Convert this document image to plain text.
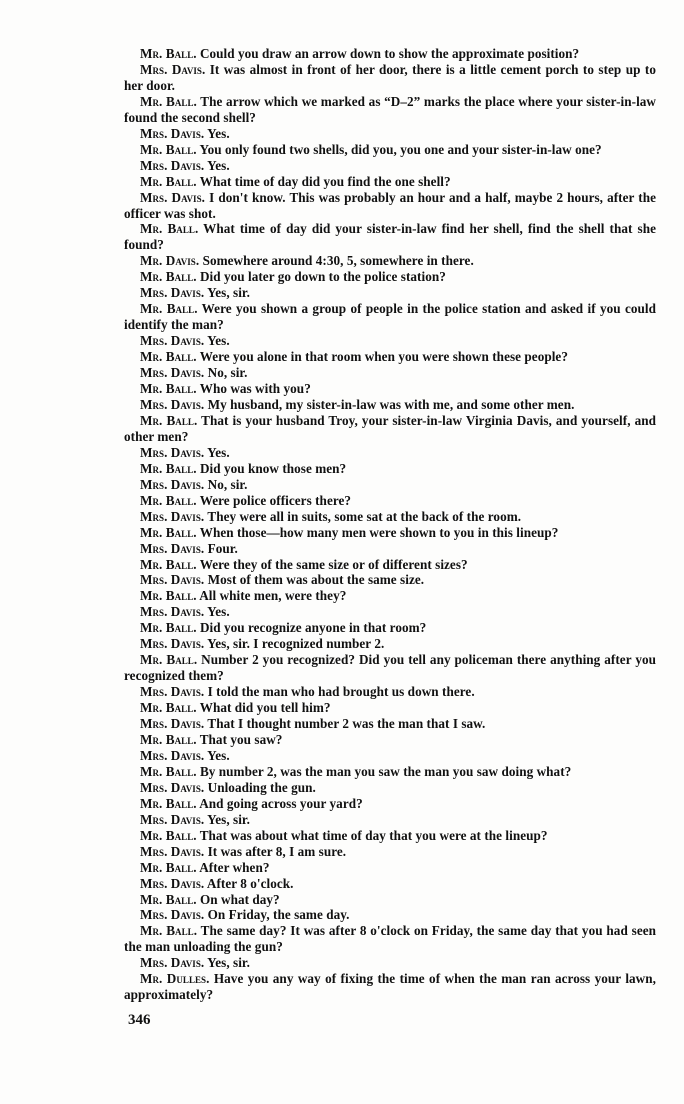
Mr. Ball. Could you draw an arrow down to show the approximate position?

Mrs. Davis. It was almost in front of her door, there is a little cement porch to step up to her door.

Mr. Ball. The arrow which we marked as “D–2” marks the place where your sister-in-law found the second shell?

Mrs. Davis. Yes.

Mr. Ball. You only found two shells, did you, you one and your sister-in-law one?

Mrs. Davis. Yes.

Mr. Ball. What time of day did you find the one shell?

Mrs. Davis. I don't know. This was probably an hour and a half, maybe 2 hours, after the officer was shot.

Mr. Ball. What time of day did your sister-in-law find her shell, find the shell that she found?

Mr. Davis. Somewhere around 4:30, 5, somewhere in there.

Mr. Ball. Did you later go down to the police station?

Mrs. Davis. Yes, sir.

Mr. Ball. Were you shown a group of people in the police station and asked if you could identify the man?

Mrs. Davis. Yes.

Mr. Ball. Were you alone in that room when you were shown these people?

Mrs. Davis. No, sir.

Mr. Ball. Who was with you?

Mrs. Davis. My husband, my sister-in-law was with me, and some other men.

Mr. Ball. That is your husband Troy, your sister-in-law Virginia Davis, and yourself, and other men?

Mrs. Davis. Yes.

Mr. Ball. Did you know those men?

Mrs. Davis. No, sir.

Mr. Ball. Were police officers there?

Mrs. Davis. They were all in suits, some sat at the back of the room.

Mr. Ball. When those—how many men were shown to you in this lineup?

Mrs. Davis. Four.

Mr. Ball. Were they of the same size or of different sizes?

Mrs. Davis. Most of them was about the same size.

Mr. Ball. All white men, were they?

Mrs. Davis. Yes.

Mr. Ball. Did you recognize anyone in that room?

Mrs. Davis. Yes, sir. I recognized number 2.

Mr. Ball. Number 2 you recognized? Did you tell any policeman there anything after you recognized them?

Mrs. Davis. I told the man who had brought us down there.

Mr. Ball. What did you tell him?

Mrs. Davis. That I thought number 2 was the man that I saw.

Mr. Ball. That you saw?

Mrs. Davis. Yes.

Mr. Ball. By number 2, was the man you saw the man you saw doing what?

Mrs. Davis. Unloading the gun.

Mr. Ball. And going across your yard?

Mrs. Davis. Yes, sir.

Mr. Ball. That was about what time of day that you were at the lineup?

Mrs. Davis. It was after 8, I am sure.

Mr. Ball. After when?

Mrs. Davis. After 8 o'clock.

Mr. Ball. On what day?

Mrs. Davis. On Friday, the same day.

Mr. Ball. The same day? It was after 8 o'clock on Friday, the same day that you had seen the man unloading the gun?

Mrs. Davis. Yes, sir.

Mr. Dulles. Have you any way of fixing the time of when the man ran across your lawn, approximately?

346
